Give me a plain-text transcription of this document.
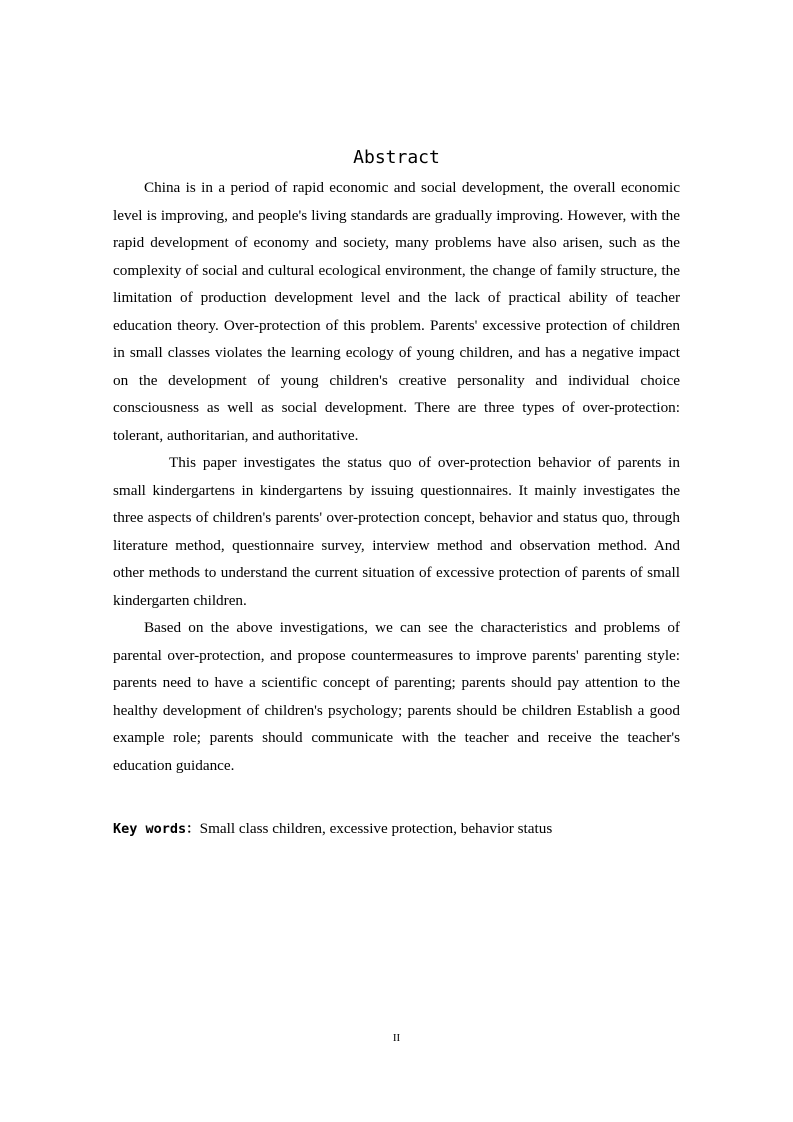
Abstract

China is in a period of rapid economic and social development, the overall economic level is improving, and people's living standards are gradually improving. However, with the rapid development of economy and society, many problems have also arisen, such as the complexity of social and cultural ecological environment, the change of family structure, the limitation of production development level and the lack of practical ability of teacher education theory. Over-protection of this problem. Parents' excessive protection of children in small classes violates the learning ecology of young children, and has a negative impact on the development of young children's creative personality and individual choice consciousness as well as social development. There are three types of over-protection: tolerant, authoritarian, and authoritative.

This paper investigates the status quo of over-protection behavior of parents in small kindergartens in kindergartens by issuing questionnaires. It mainly investigates the three aspects of children's parents' over-protection concept, behavior and status quo, through literature method, questionnaire survey, interview method and observation method. And other methods to understand the current situation of excessive protection of parents of small kindergarten children.

Based on the above investigations, we can see the characteristics and problems of parental over-protection, and propose countermeasures to improve parents' parenting style: parents need to have a scientific concept of parenting; parents should pay attention to the healthy development of children's psychology; parents should be children Establish a good example role; parents should communicate with the teacher and receive the teacher's education guidance.

Key words：Small class children, excessive protection, behavior status
II
